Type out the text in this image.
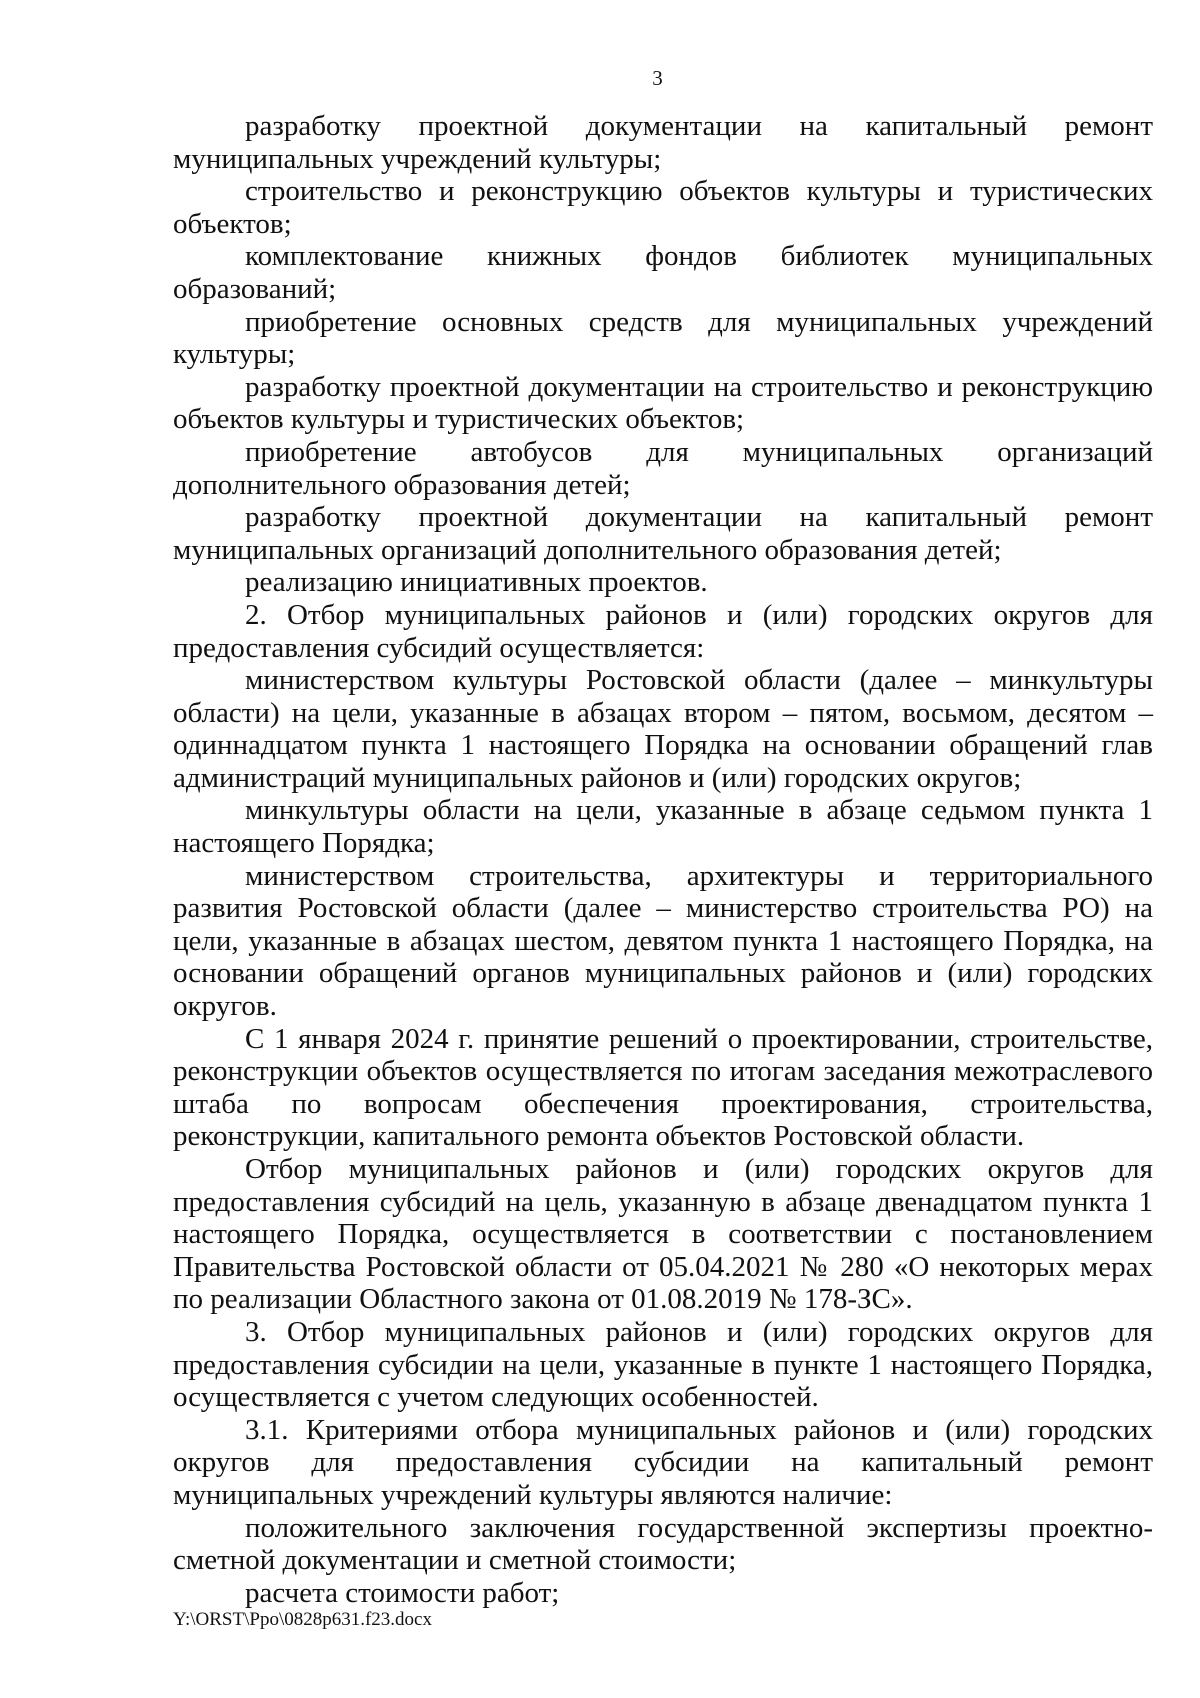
3

разработку проектной документации на капитальный ремонт муниципальных учреждений культуры;

строительство и реконструкцию объектов культуры и туристических объектов;

комплектование книжных фондов библиотек муниципальных образований;

приобретение основных средств для муниципальных учреждений культуры;

разработку проектной документации на строительство и реконструкцию объектов культуры и туристических объектов;

приобретение автобусов для муниципальных организаций дополнительного образования детей;

разработку проектной документации на капитальный ремонт муниципальных организаций дополнительного образования детей;

реализацию инициативных проектов.

2. Отбор муниципальных районов и (или) городских округов для предоставления субсидий осуществляется:

министерством культуры Ростовской области (далее – минкультуры области) на цели, указанные в абзацах втором – пятом, восьмом, десятом – одиннадцатом пункта 1 настоящего Порядка на основании обращений глав администраций муниципальных районов и (или) городских округов;

минкультуры области на цели, указанные в абзаце седьмом пункта 1 настоящего Порядка;

министерством строительства, архитектуры и территориального развития Ростовской области (далее – министерство строительства РО) на цели, указанные в абзацах шестом, девятом пункта 1 настоящего Порядка, на основании обращений органов муниципальных районов и (или) городских округов.

С 1 января 2024 г. принятие решений о проектировании, строительстве, реконструкции объектов осуществляется по итогам заседания межотраслевого штаба по вопросам обеспечения проектирования, строительства, реконструкции, капитального ремонта объектов Ростовской области.

Отбор муниципальных районов и (или) городских округов для предоставления субсидий на цель, указанную в абзаце двенадцатом пункта 1 настоящего Порядка, осуществляется в соответствии с постановлением Правительства Ростовской области от 05.04.2021 № 280 «О некоторых мерах по реализации Областного закона от 01.08.2019 № 178-ЗС».

3. Отбор муниципальных районов и (или) городских округов для предоставления субсидии на цели, указанные в пункте 1 настоящего Порядка, осуществляется с учетом следующих особенностей.

3.1. Критериями отбора муниципальных районов и (или) городских округов для предоставления субсидии на капитальный ремонт муниципальных учреждений культуры являются наличие:

положительного заключения государственной экспертизы проектно-сметной документации и сметной стоимости;

расчета стоимости работ;

Y:\ORST\Ppo\0828p631.f23.docx
